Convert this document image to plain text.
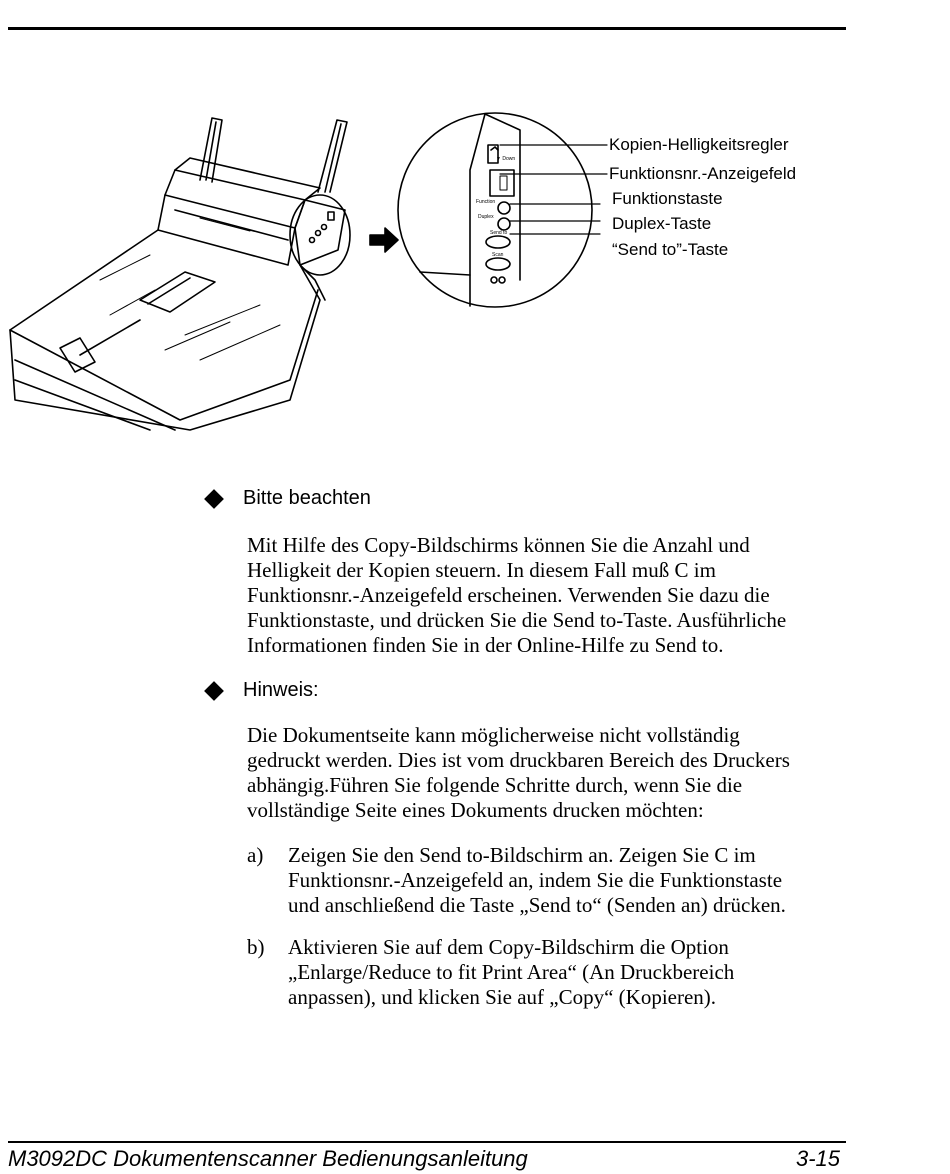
▼ Down
Function
Duplex
Send to
Scan
Kopien-Helligkeitsregler
Funktionsnr.-Anzeigefeld
Funktionstaste
Duplex-Taste
“Send to”-Taste
Bitte beachten
Mit Hilfe des Copy-Bildschirms können Sie die Anzahl und
Helligkeit der Kopien steuern. In diesem Fall muß C im
Funktionsnr.-Anzeigefeld erscheinen. Verwenden Sie dazu die
Funktionstaste, und drücken Sie die Send to-Taste. Ausführliche
Informationen finden Sie in der Online-Hilfe zu Send to.
Hinweis:
Die Dokumentseite kann möglicherweise nicht vollständig
gedruckt werden. Dies ist vom druckbaren Bereich des Druckers
abhängig.Führen Sie folgende Schritte durch, wenn Sie die
vollständige Seite eines Dokuments drucken möchten:
a) Zeigen Sie den Send to-Bildschirm an. Zeigen Sie C im
Funktionsnr.-Anzeigefeld an, indem Sie die Funktionstaste
und anschließend die Taste „Send to“ (Senden an) drücken.
b) Aktivieren Sie auf dem Copy-Bildschirm die Option
„Enlarge/Reduce to fit Print Area“ (An Druckbereich
anpassen), und klicken Sie auf „Copy“ (Kopieren).
M3092DC Dokumentenscanner Bedienungsanleitung	3-15
